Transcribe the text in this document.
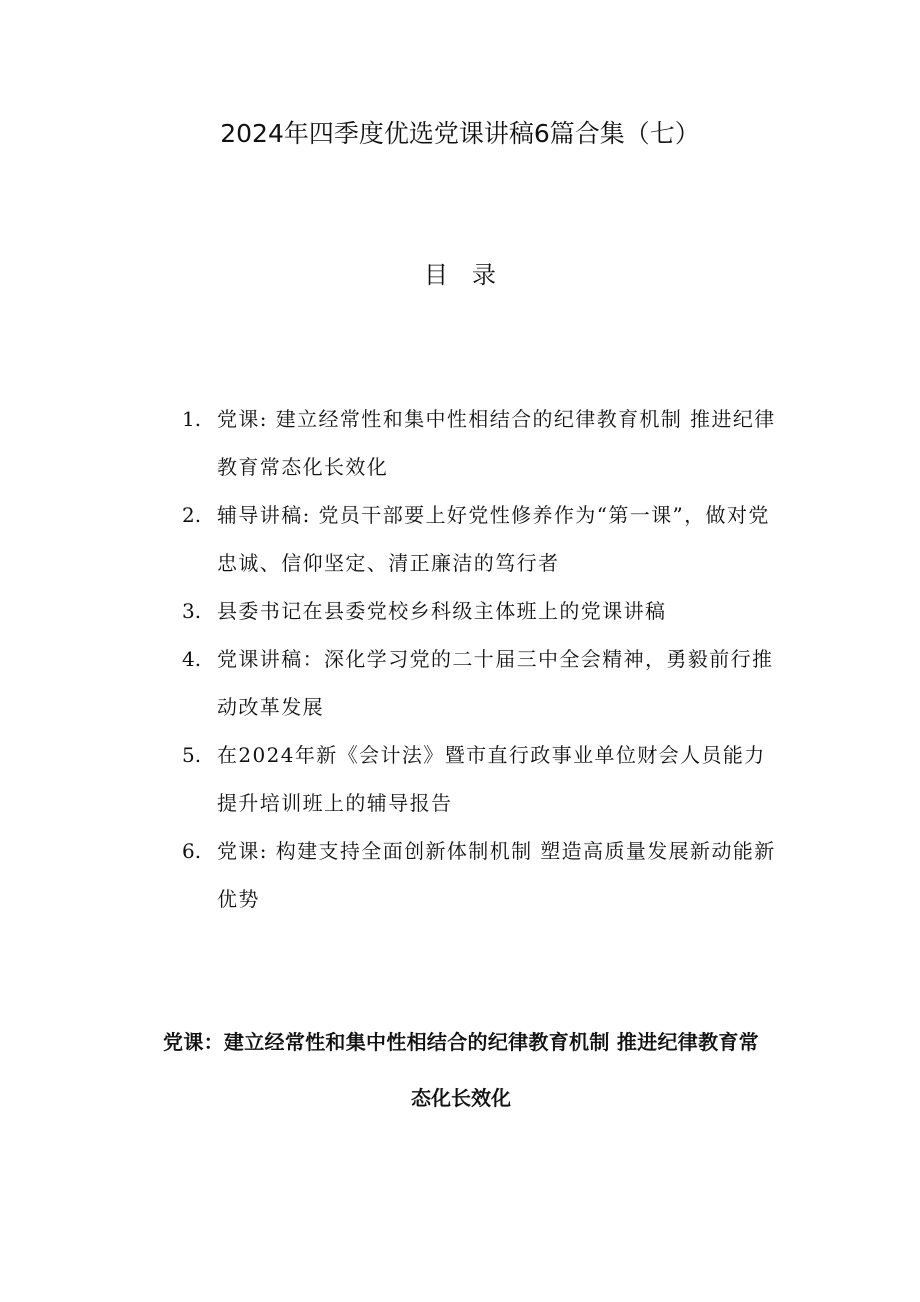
2024年四季度优选党课讲稿6篇合集（七）
目录
1. 党课: 建立经常性和集中性相结合的纪律教育机制 推进纪律教育常态化长效化
2. 辅导讲稿: 党员干部要上好党性修养作为“第一课”，做对党忠诚、信仰坚定、清正廉洁的笃行者
3. 县委书记在县委党校乡科级主体班上的党课讲稿
4. 党课讲稿：深化学习党的二十届三中全会精神，勇毅前行推动改革发展
5. 在2024年新《会计法》暨市直行政事业单位财会人员能力提升培训班上的辅导报告
6. 党课: 构建支持全面创新体制机制 塑造高质量发展新动能新优势
党课：建立经常性和集中性相结合的纪律教育机制 推进纪律教育常
态化长效化
